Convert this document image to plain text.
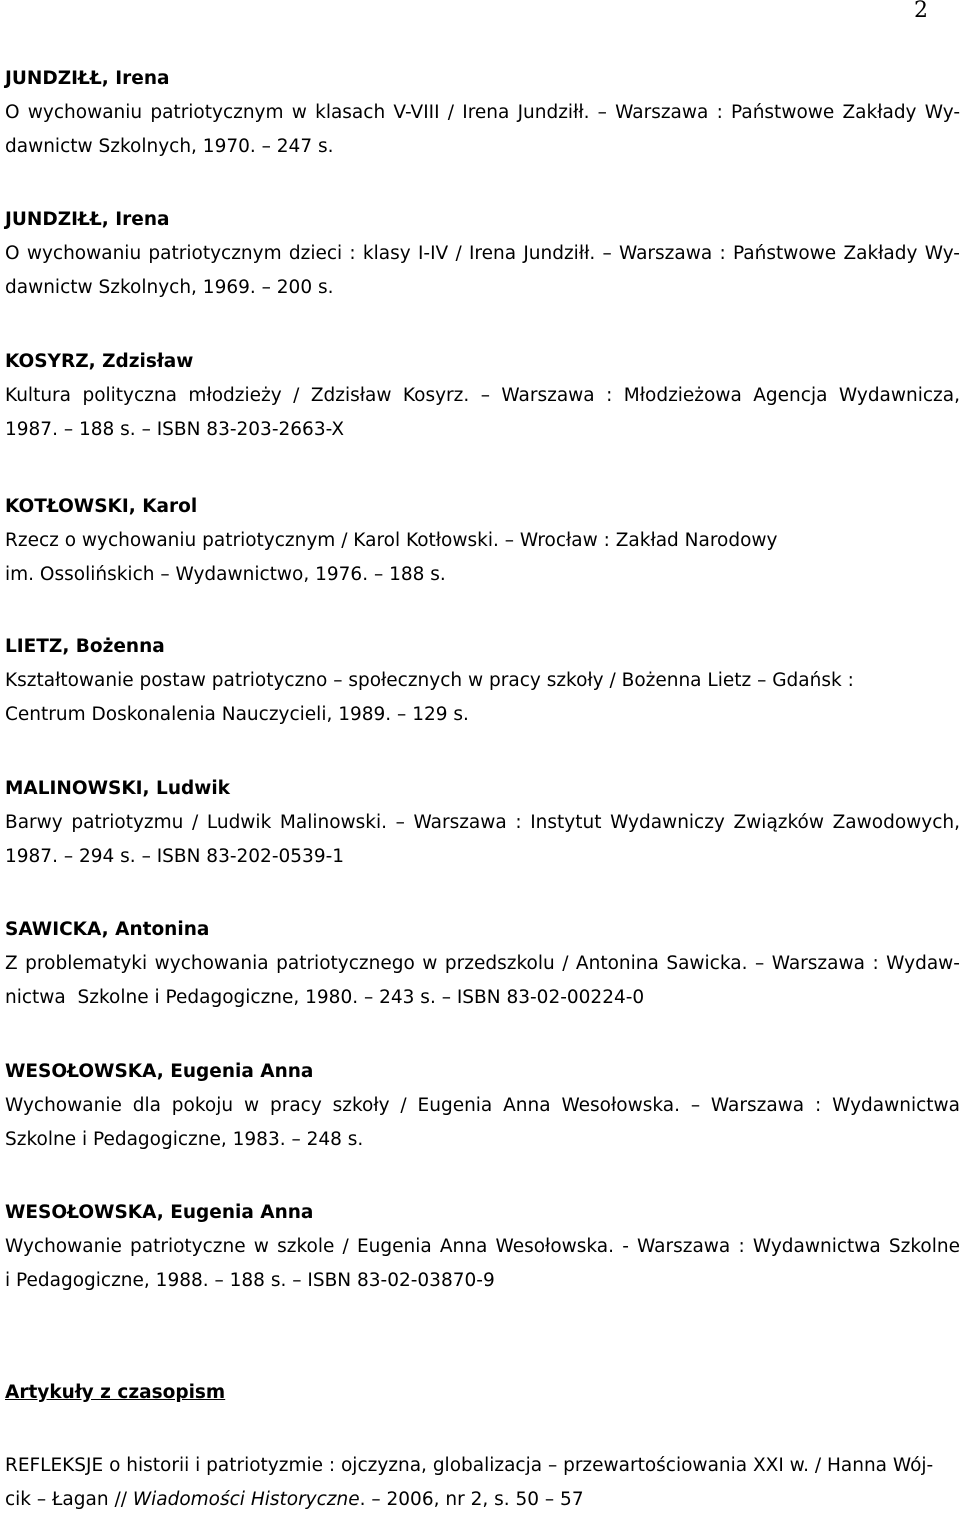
2
JUNDZIŁŁ, Irena
O wychowaniu patriotycznym w klasach V-VIII / Irena Jundziłł. – Warszawa : Państwowe Zakłady Wy-
dawnictw Szkolnych, 1970. – 247 s.
JUNDZIŁŁ, Irena
O wychowaniu patriotycznym dzieci : klasy I-IV / Irena Jundziłł. – Warszawa : Państwowe Zakłady Wy-
dawnictw Szkolnych, 1969. – 200 s.
KOSYRZ, Zdzisław
Kultura polityczna młodzieży / Zdzisław Kosyrz. – Warszawa : Młodzieżowa Agencja Wydawnicza,
1987. – 188 s. – ISBN 83-203-2663-X
KOTŁOWSKI, Karol
Rzecz o wychowaniu patriotycznym / Karol Kotłowski. – Wrocław : Zakład Narodowy
im. Ossolińskich – Wydawnictwo, 1976. – 188 s.
LIETZ, Bożenna
Kształtowanie postaw patriotyczno – społecznych w pracy szkoły / Bożenna Lietz – Gdańsk :
Centrum Doskonalenia Nauczycieli, 1989. – 129 s.
MALINOWSKI, Ludwik
Barwy patriotyzmu / Ludwik Malinowski. – Warszawa : Instytut Wydawniczy Związków Zawodowych,
1987. – 294 s. – ISBN 83-202-0539-1
SAWICKA, Antonina
Z problematyki wychowania patriotycznego w przedszkolu / Antonina Sawicka. – Warszawa : Wydaw-
nictwa  Szkolne i Pedagogiczne, 1980. – 243 s. – ISBN 83-02-00224-0
WESOŁOWSKA, Eugenia Anna
Wychowanie dla pokoju w pracy szkoły / Eugenia Anna Wesołowska. – Warszawa : Wydawnictwa
Szkolne i Pedagogiczne, 1983. – 248 s.
WESOŁOWSKA, Eugenia Anna
Wychowanie patriotyczne w szkole / Eugenia Anna Wesołowska. - Warszawa : Wydawnictwa Szkolne
i Pedagogiczne, 1988. – 188 s. – ISBN 83-02-03870-9
Artykuły z czasopism
REFLEKSJE o historii i patriotyzmie : ojczyzna, globalizacja – przewartościowania XXI w. / Hanna Wój-
cik – Łagan // Wiadomości Historyczne. – 2006, nr 2, s. 50 – 57
